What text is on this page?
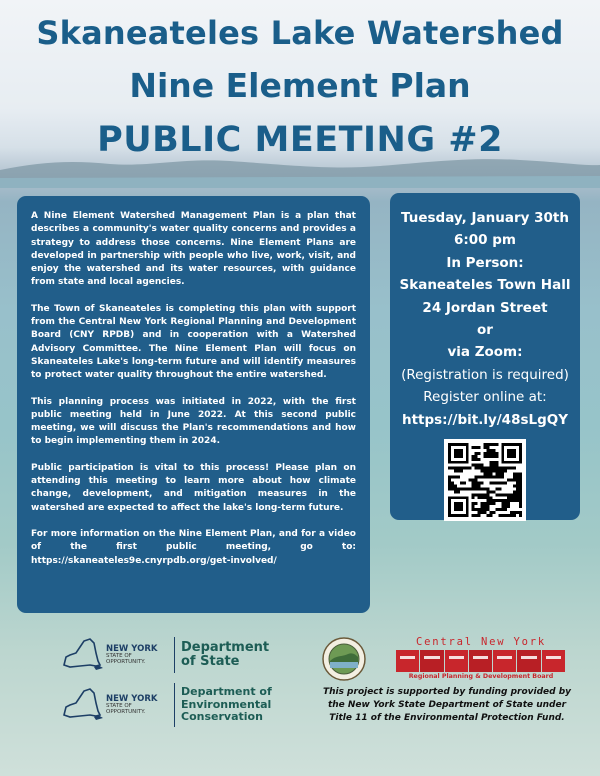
Skaneateles Lake Watershed
Nine Element Plan
PUBLIC MEETING #2

A Nine Element Watershed Management Plan is a plan that describes a community's water quality concerns and provides a strategy to address those concerns. Nine Element Plans are developed in partnership with people who live, work, visit, and enjoy the watershed and its water resources, with guidance from state and local agencies.

The Town of Skaneateles is completing this plan with support from the Central New York Regional Planning and Development Board (CNY RPDB) and in cooperation with a Watershed Advisory Committee. The Nine Element Plan will focus on Skaneateles Lake's long-term future and will identify measures to protect water quality throughout the entire watershed.

This planning process was initiated in 2022, with the first public meeting held in June 2022. At this second public meeting, we will discuss the Plan's recommendations and how to begin implementing them in 2024.

Public participation is vital to this process! Please plan on attending this meeting to learn more about how climate change, development, and mitigation measures in the watershed are expected to affect the lake's long-term future.

For more information on the Nine Element Plan, and for a video of the first public meeting, go to: https://skaneateles9e.cnyrpdb.org/get-involved/

Tuesday, January 30th
6:00 pm
In Person:
Skaneateles Town Hall
24 Jordan Street
or
via Zoom:
(Registration is required)
Register online at:
https://bit.ly/48sLgQY
NEW YORK
STATE OF OPPORTUNITY.
Department
of State
NEW YORK
STATE OF OPPORTUNITY.
Department of
Environmental
Conservation
Central New York
Regional Planning & Development Board
This project is supported by funding provided by the New York State Department of State under Title 11 of the Environmental Protection Fund.
